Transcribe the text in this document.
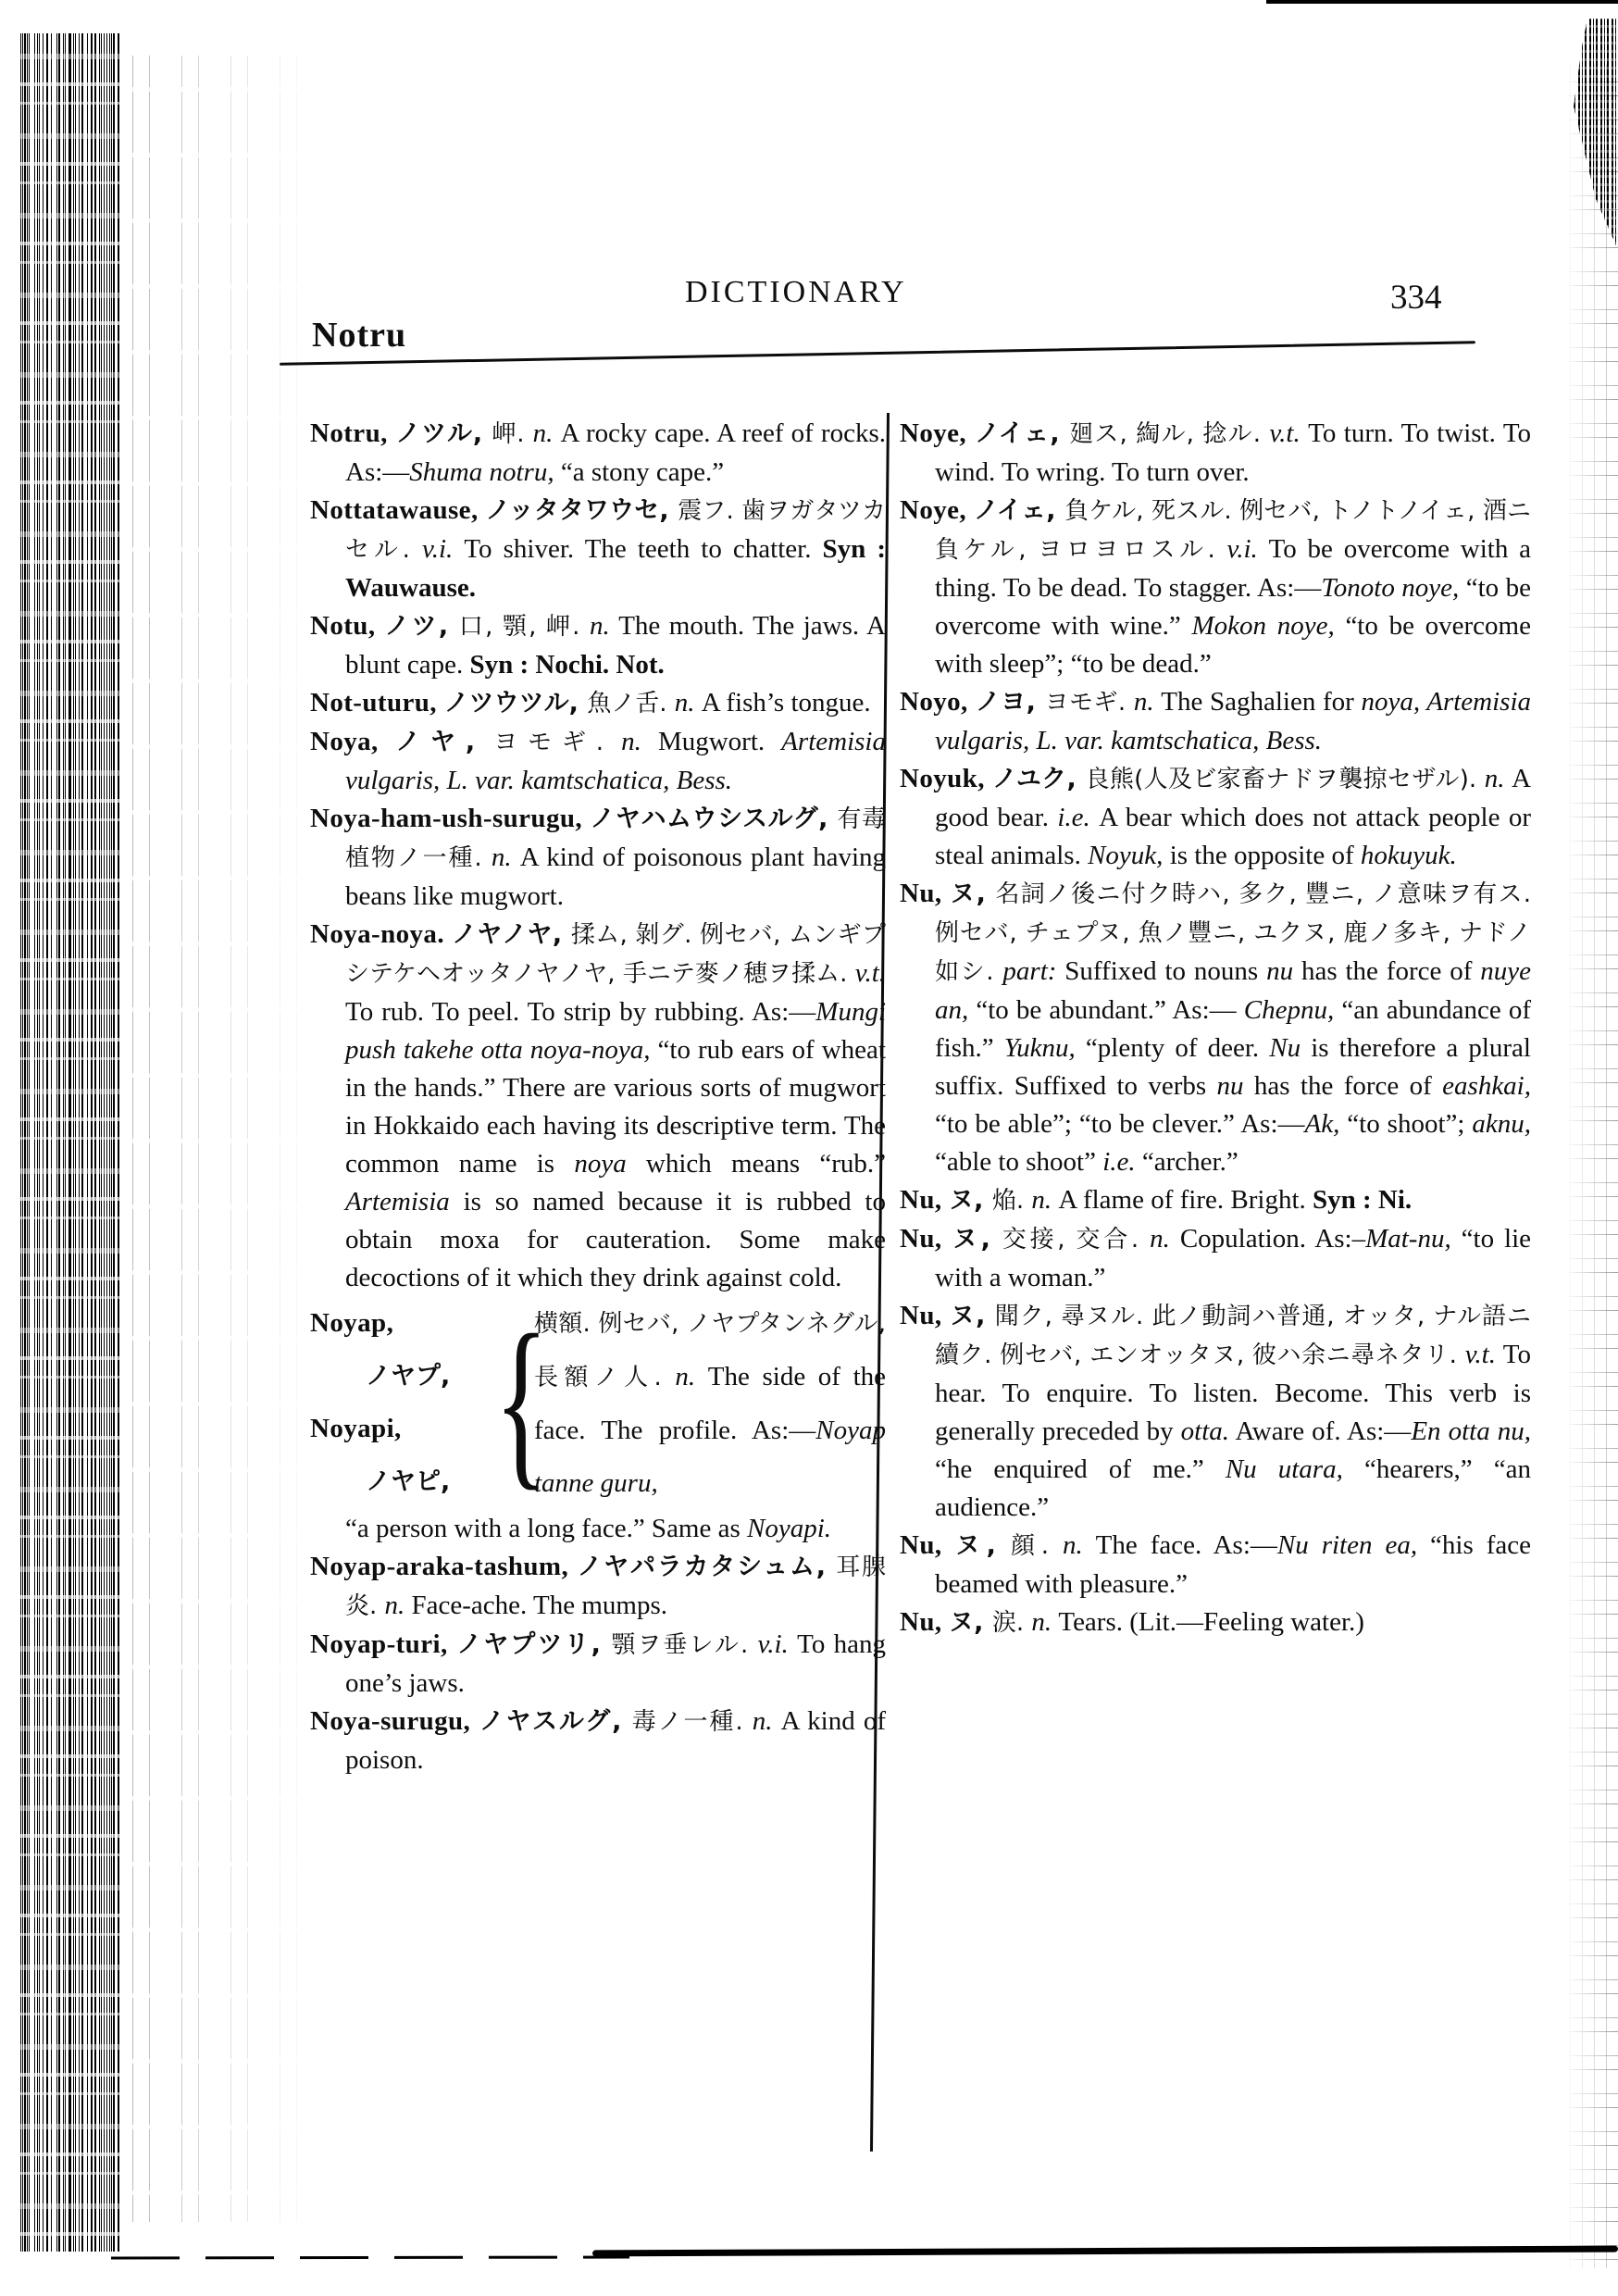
Notru
DICTIONARY	334
Notru, ノツル, 岬. n. A rocky cape. A reef of rocks. As:—Shuma notru, “a stony cape.”
Nottatawause, ノッタタワウセ, 震フ. 歯ヲガタツカセル. v.i. To shiver. The teeth to chatter. Syn : Wauwause.
Notu, ノツ, 口, 顎, 岬. n. The mouth. The jaws. A blunt cape. Syn : Nochi. Not.
Not-uturu, ノツウツル, 魚ノ舌. n. A fish’s tongue.
Noya, ノヤ, ヨモギ. n. Mugwort. Artemisia vulgaris, L. var. kamtschatica, Bess.
Noya-ham-ush-surugu, ノヤハムウシスルグ, 有毒植物ノ一種. n. A kind of poisonous plant having beans like mugwort.
Noya-noya. ノヤノヤ, 揉ム, 剝グ. 例セバ, ムンギプシテケヘオッタノヤノヤ, 手ニテ麥ノ穂ヲ揉ム. v.t. To rub. To peel. To strip by rubbing. As:—Mungi push takehe otta noya-noya, “to rub ears of wheat in the hands.” There are various sorts of mugwort in Hokkaido each having its descriptive term. The common name is noya which means “rub.” Artemisia is so named because it is rubbed to obtain moxa for cauteration. Some make decoctions of it which they drink against cold.
Noyap,
ノヤプ,
Noyapi,
ノヤピ, {
横額. 例セバ, ノヤプタンネグル, 長額ノ人. n. The side of the face. The profile. As:—Noyap tanne guru,
“a person with a long face.” Same as Noyapi.
Noyap-araka-tashum, ノヤパラカタシュム, 耳腺炎. n. Face-ache. The mumps.
Noyap-turi, ノヤプツリ, 顎ヲ垂レル. v.i. To hang one’s jaws.
Noya-surugu, ノヤスルグ, 毒ノ一種. n. A kind of poison.
Noye, ノイェ, 廻ス, 綯ル, 捻ル. v.t. To turn. To twist. To wind. To wring. To turn over.
Noye, ノイェ, 負ケル, 死スル. 例セバ, トノトノイェ, 酒ニ負ケル, ヨロヨロスル. v.i. To be overcome with a thing. To be dead. To stagger. As:—Tonoto noye, “to be overcome with wine.” Mokon noye, “to be overcome with sleep”; “to be dead.”
Noyo, ノヨ, ヨモギ. n. The Saghalien for noya, Artemisia vulgaris, L. var. kamtschatica, Bess.
Noyuk, ノユク, 良熊(人及ビ家畜ナドヲ襲掠セザル). n. A good bear. i.e. A bear which does not attack people or steal animals. Noyuk, is the opposite of hokuyuk.
Nu, ヌ, 名詞ノ後ニ付ク時ハ, 多ク, 豐ニ, ノ意味ヲ有ス. 例セバ, チェプヌ, 魚ノ豐ニ, ユクヌ, 鹿ノ多キ, ナドノ如シ. part: Suffixed to nouns nu has the force of nuye an, “to be abundant.” As:— Chepnu, “an abundance of fish.” Yuknu, “plenty of deer. Nu is therefore a plural suffix. Suffixed to verbs nu has the force of eashkai, “to be able”; “to be clever.” As:—Ak, “to shoot”; aknu, “able to shoot” i.e. “archer.”
Nu, ヌ, 焔. n. A flame of fire. Bright. Syn : Ni.
Nu, ヌ, 交接, 交合. n. Copulation. As:–Mat-nu, “to lie with a woman.”
Nu, ヌ, 聞ク, 尋ヌル. 此ノ動詞ハ普通, オッタ, ナル語ニ續ク. 例セバ, エンオッタヌ, 彼ハ余ニ尋ネタリ. v.t. To hear. To enquire. To listen. Become. This verb is generally preceded by otta. Aware of. As:—En otta nu, “he enquired of me.” Nu utara, “hearers,” “an audience.”
Nu, ヌ, 顔. n. The face. As:—Nu riten ea, “his face beamed with pleasure.”
Nu, ヌ, 涙. n. Tears. (Lit.—Feeling water.)
